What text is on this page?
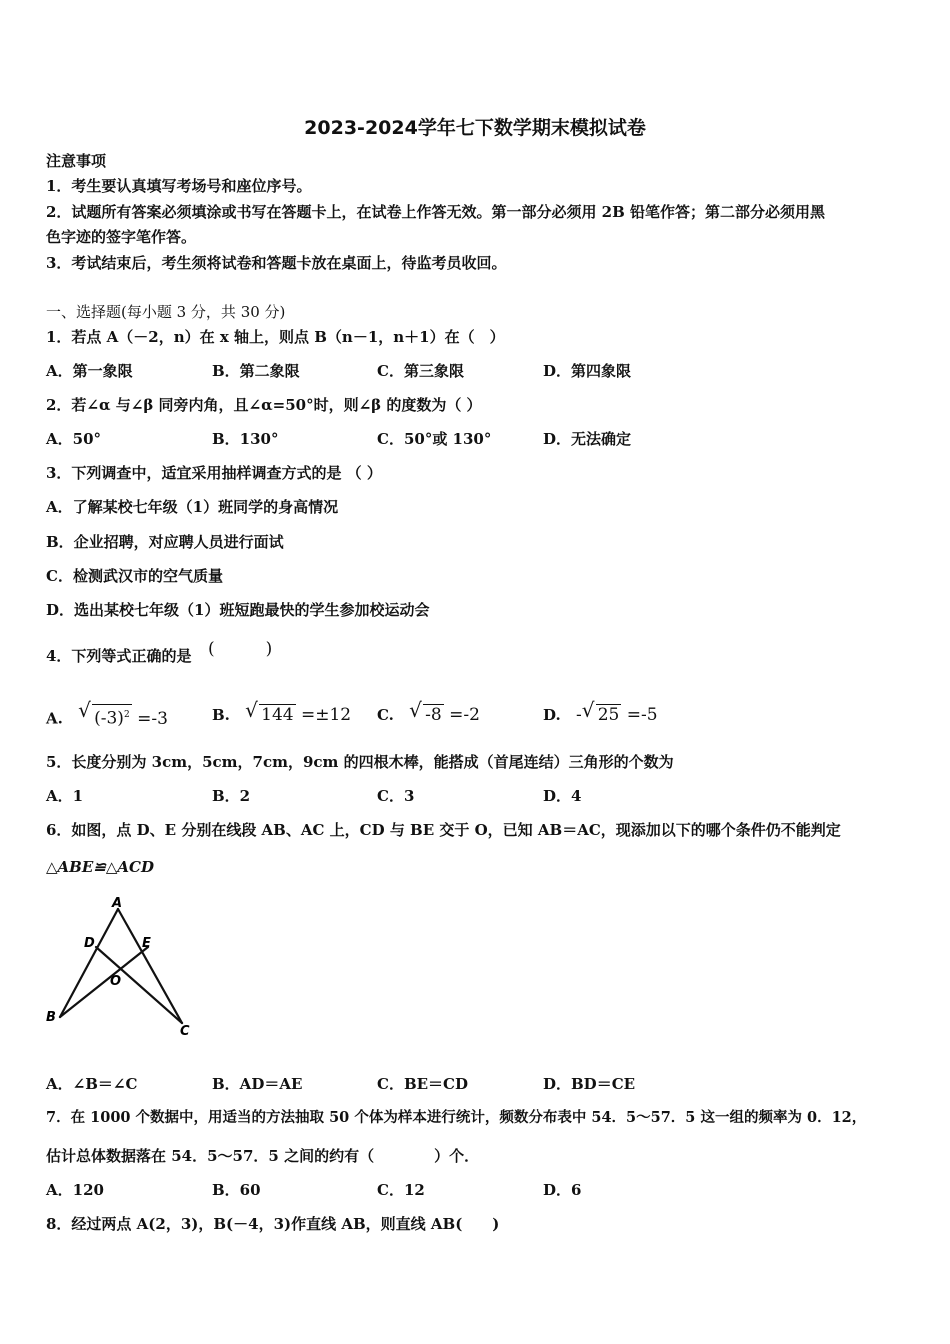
2023-2024学年七下数学期末模拟试卷
注意事项
1．考生要认真填写考场号和座位序号。
2．试题所有答案必须填涂或书写在答题卡上，在试卷上作答无效。第一部分必须用 2B 铅笔作答；第二部分必须用黑
色字迹的签字笔作答。
3．考试结束后，考生须将试卷和答题卡放在桌面上，待监考员收回。
一、选择题(每小题 3 分，共 30 分)
1．若点 A（－2，n）在 x 轴上，则点 B（n－1，n＋1）在（　）
A．第一象限	B．第二象限	C．第三象限	D．第四象限
2．若∠α 与∠β 同旁内角，且∠α=50°时，则∠β 的度数为（ ）
A．50°	B．130°	C．50°或 130°	D．无法确定
3．下列调查中，适宜采用抽样调查方式的是 （ ）
A．了解某校七年级（1）班同学的身高情况
B．企业招聘，对应聘人员进行面试
C．检测武汉市的空气质量
D．选出某校七年级（1）班短跑最快的学生参加校运动会
4．下列等式正确的是 (　　　)
A. √ $(-3)^2 =-3$	B. √ 144 =±12 C. √ -8 =-2	D. - √ 25 =-5
5．长度分别为 3cm，5cm，7cm，9cm 的四根木棒，能搭成（首尾连结）三角形的个数为
A．1	B．2	C．3	D．4
6．如图，点 D、E 分别在线段 AB、AC 上，CD 与 BE 交于 O，已知 AB＝AC，现添加以下的哪个条件仍不能判定
△ABE≌△ACD
A
D	E
O
B
C
A．∠B＝∠C	B．AD＝AE	C．BE＝CD	D．BD＝CE
7．在 1000 个数据中，用适当的方法抽取 50 个体为样本进行统计，频数分布表中 54．5～57．5 这一组的频率为 0．12，
估计总体数据落在 54．5～57．5 之间的约有（　　　　）个．
A．120	B．60	C．12	D．6
8．经过两点 A(2，3)，B(－4，3)作直线 AB，则直线 AB(　　)
